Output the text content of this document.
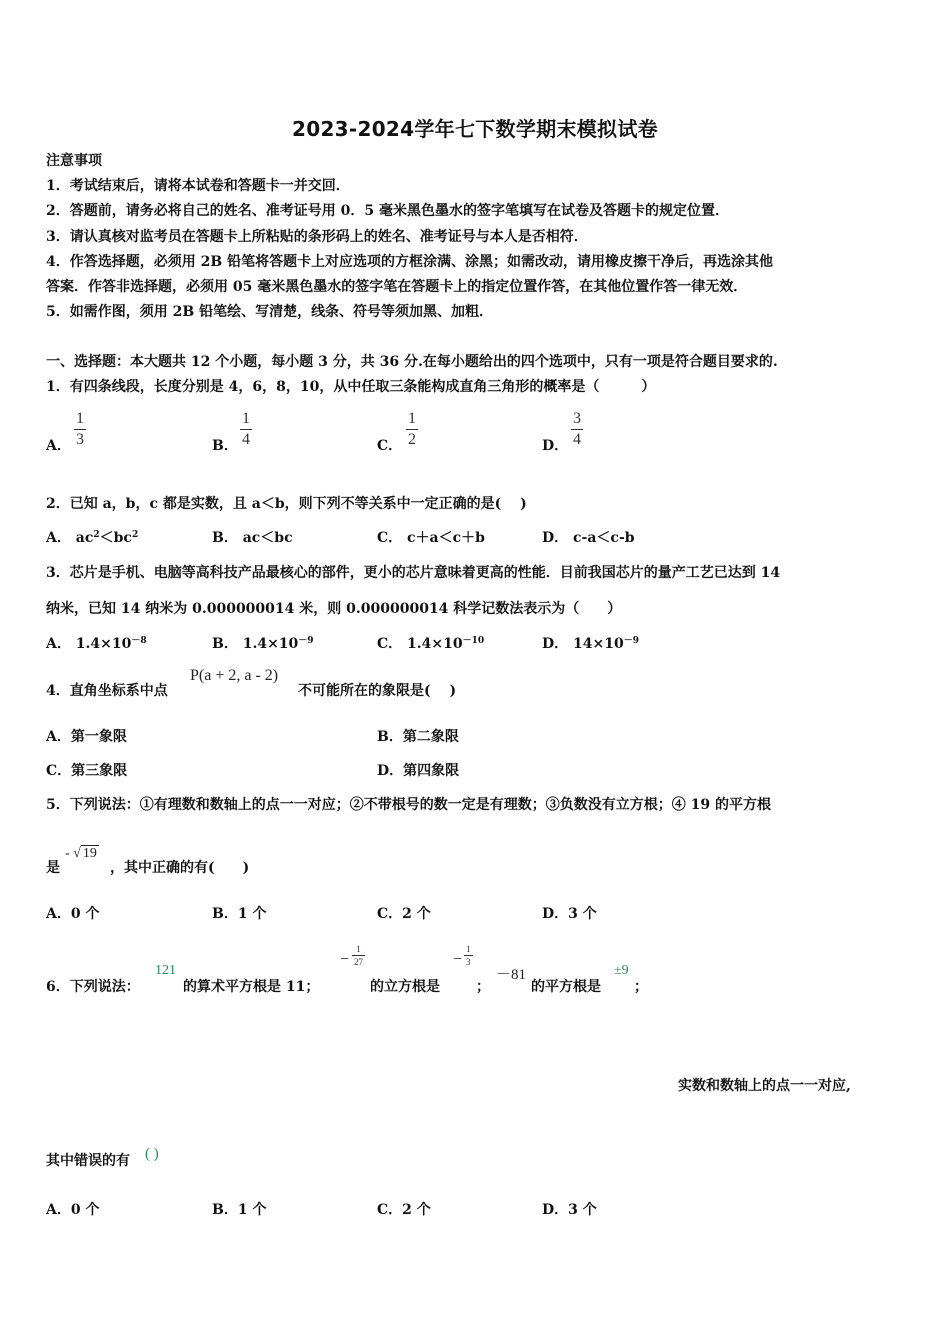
2023-2024学年七下数学期末模拟试卷
注意事项
1．考试结束后，请将本试卷和答题卡一并交回．
2．答题前，请务必将自己的姓名、准考证号用 0．5 毫米黑色墨水的签字笔填写在试卷及答题卡的规定位置．
3．请认真核对监考员在答题卡上所粘贴的条形码上的姓名、准考证号与本人是否相符．
4．作答选择题，必须用 2B 铅笔将答题卡上对应选项的方框涂满、涂黑；如需改动，请用橡皮擦干净后，再选涂其他
答案．作答非选择题，必须用 05 毫米黑色墨水的签字笔在答题卡上的指定位置作答，在其他位置作答一律无效．
5．如需作图，须用 2B 铅笔绘、写清楚，线条、符号等须加黑、加粗．
一、选择题：本大题共 12 个小题，每小题 3 分，共 36 分.在每小题给出的四个选项中，只有一项是符合题目要求的.
1．有四条线段，长度分别是 4，6，8，10，从中任取三条能构成直角三角形的概率是（　　　）
A．
1
3	B．
1
4	C．
1
2	D．
3
4
2．已知 a，b，c 都是实数，且 a＜b，则下列不等关系中一定正确的是(　 )
A． $ac^2<bc^2$	B． ac＜bc	C． c＋a＜c＋b	D． c-a＜c-b
3．芯片是手机、电脑等高科技产品最核心的部件，更小的芯片意味着更高的性能．目前我国芯片的量产工艺已达到 14
纳米，已知 14 纳米为 0.000000014 米，则 0.000000014 科学记数法表示为（　　）
A． $1.4\times 10^{-8}$	B． $1.4\times 10^{-9}$	C． $1.4\times 10^{-10}$	D． $14\times 10^{-9}$
4．直角坐标系中点
P(a + 2, a - 2)
不可能所在的象限是(　 )
A．第一象限	B．第二象限
C．第三象限	D．第四象限
5．下列说法：①有理数和数轴上的点一一对应；②不带根号的数一定是有理数；③负数没有立方根；④ 19 的平方根
是
- √ 19
，其中正确的有(　　)
A．0 个	B．1 个	C．2 个	D．3 个
6．下列说法：
121
的算术平方根是 11；
−
1
27
的立方根是
−
1
3
；
－81
的平方根是
±9
；
实数和数轴上的点一一对应,
其中错误的有 ( )
A．0 个	B．1 个	C．2 个	D．3 个
